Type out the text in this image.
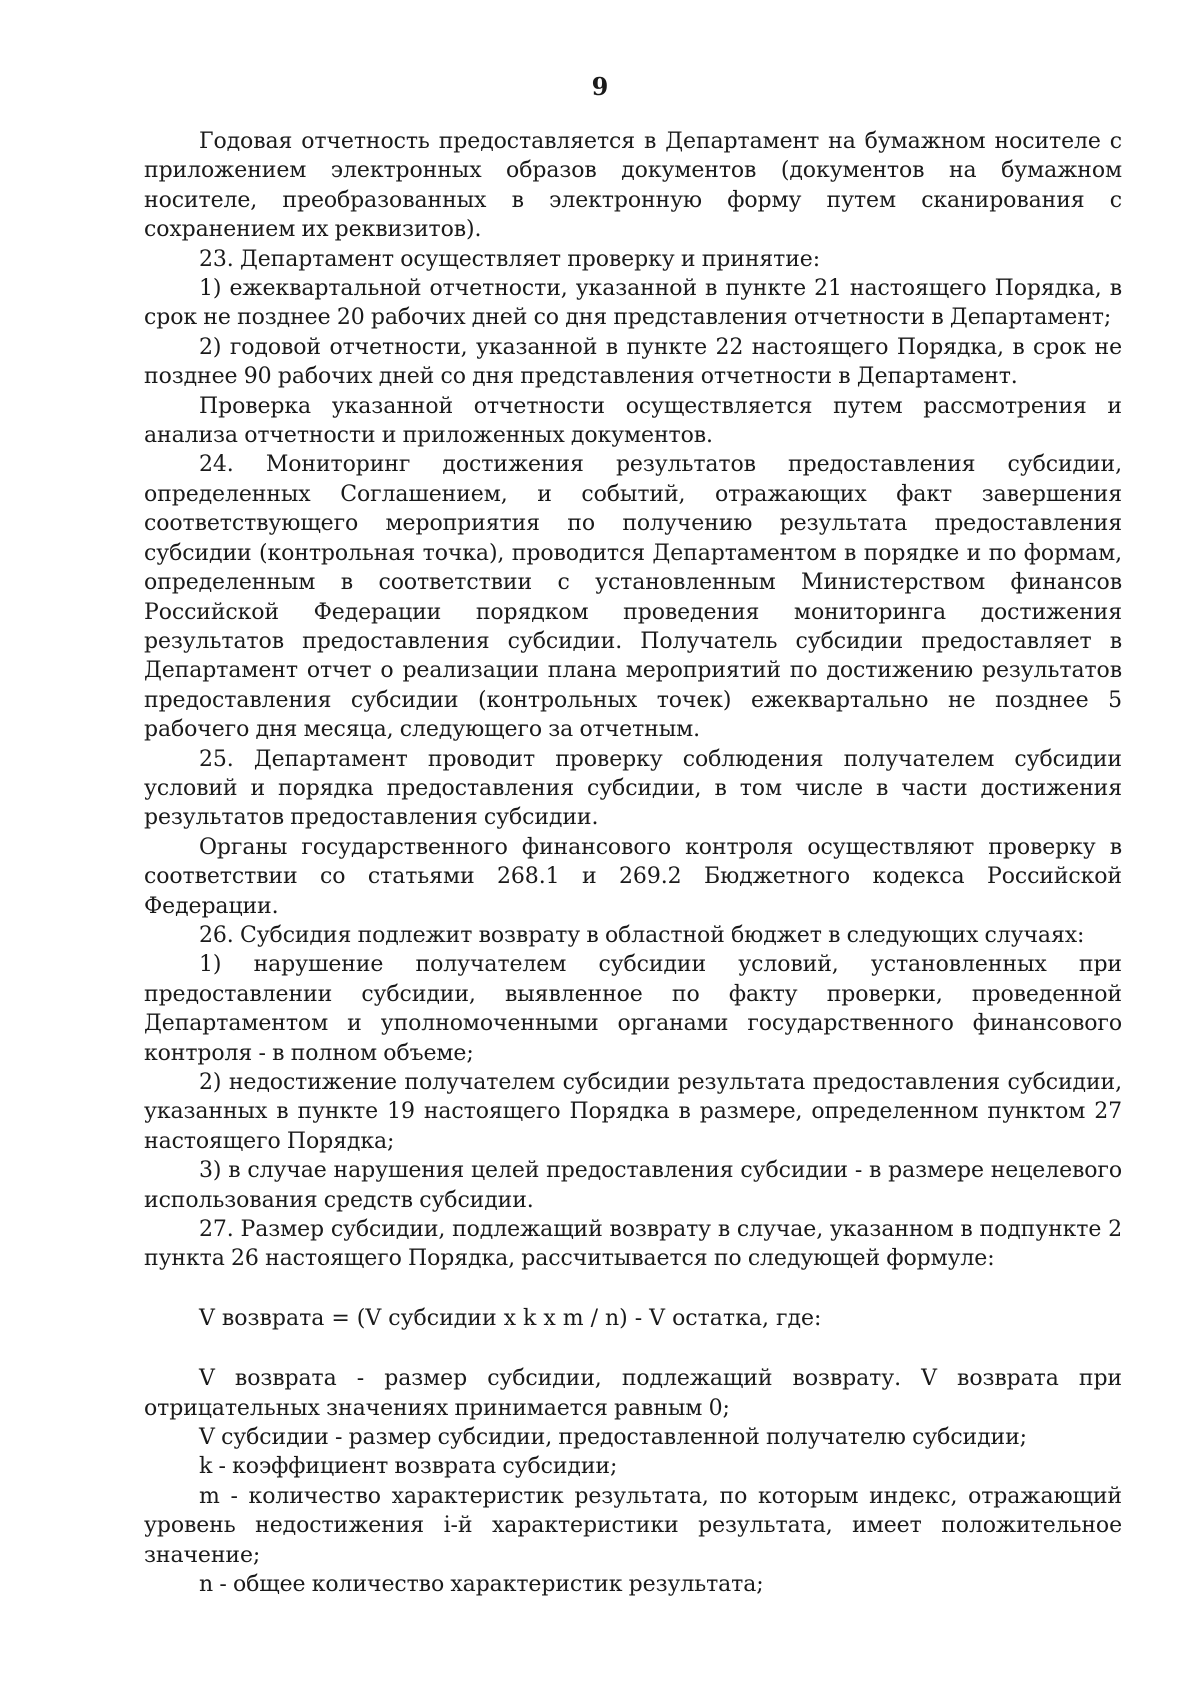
9

Годовая отчетность предоставляется в Департамент на бумажном носителе с приложением электронных образов документов (документов на бумажном носителе, преобразованных в электронную форму путем сканирования с сохранением их реквизитов).

23. Департамент осуществляет проверку и принятие:

1) ежеквартальной отчетности, указанной в пункте 21 настоящего Порядка, в срок не позднее 20 рабочих дней со дня представления отчетности в Департамент;

2) годовой отчетности, указанной в пункте 22 настоящего Порядка, в срок не позднее 90 рабочих дней со дня представления отчетности в Департамент.

Проверка указанной отчетности осуществляется путем рассмотрения и анализа отчетности и приложенных документов.

24. Мониторинг достижения результатов предоставления субсидии, определенных Соглашением, и событий, отражающих факт завершения соответствующего мероприятия по получению результата предоставления субсидии (контрольная точка), проводится Департаментом в порядке и по формам, определенным в соответствии с установленным Министерством финансов Российской Федерации порядком проведения мониторинга достижения результатов предоставления субсидии. Получатель субсидии предоставляет в Департамент отчет о реализации плана мероприятий по достижению результатов предоставления субсидии (контрольных точек) ежеквартально не позднее 5 рабочего дня месяца, следующего за отчетным.

25. Департамент проводит проверку соблюдения получателем субсидии условий и порядка предоставления субсидии, в том числе в части достижения результатов предоставления субсидии.

Органы государственного финансового контроля осуществляют проверку в соответствии со статьями 268.1 и 269.2 Бюджетного кодекса Российской Федерации.

26. Субсидия подлежит возврату в областной бюджет в следующих случаях:

1) нарушение получателем субсидии условий, установленных при предоставлении субсидии, выявленное по факту проверки, проведенной Департаментом и уполномоченными органами государственного финансового контроля - в полном объеме;

2) недостижение получателем субсидии результата предоставления субсидии, указанных в пункте 19 настоящего Порядка в размере, определенном пунктом 27 настоящего Порядка;

3) в случае нарушения целей предоставления субсидии - в размере нецелевого использования средств субсидии.

27. Размер субсидии, подлежащий возврату в случае, указанном в подпункте 2 пункта 26 настоящего Порядка, рассчитывается по следующей формуле:

V возврата = (V субсидии x k x m / n) - V остатка, где:

V возврата - размер субсидии, подлежащий возврату. V возврата при отрицательных значениях принимается равным 0;

V субсидии - размер субсидии, предоставленной получателю субсидии;

k - коэффициент возврата субсидии;

m - количество характеристик результата, по которым индекс, отражающий уровень недостижения i-й характеристики результата, имеет положительное значение;

n - общее количество характеристик результата;
